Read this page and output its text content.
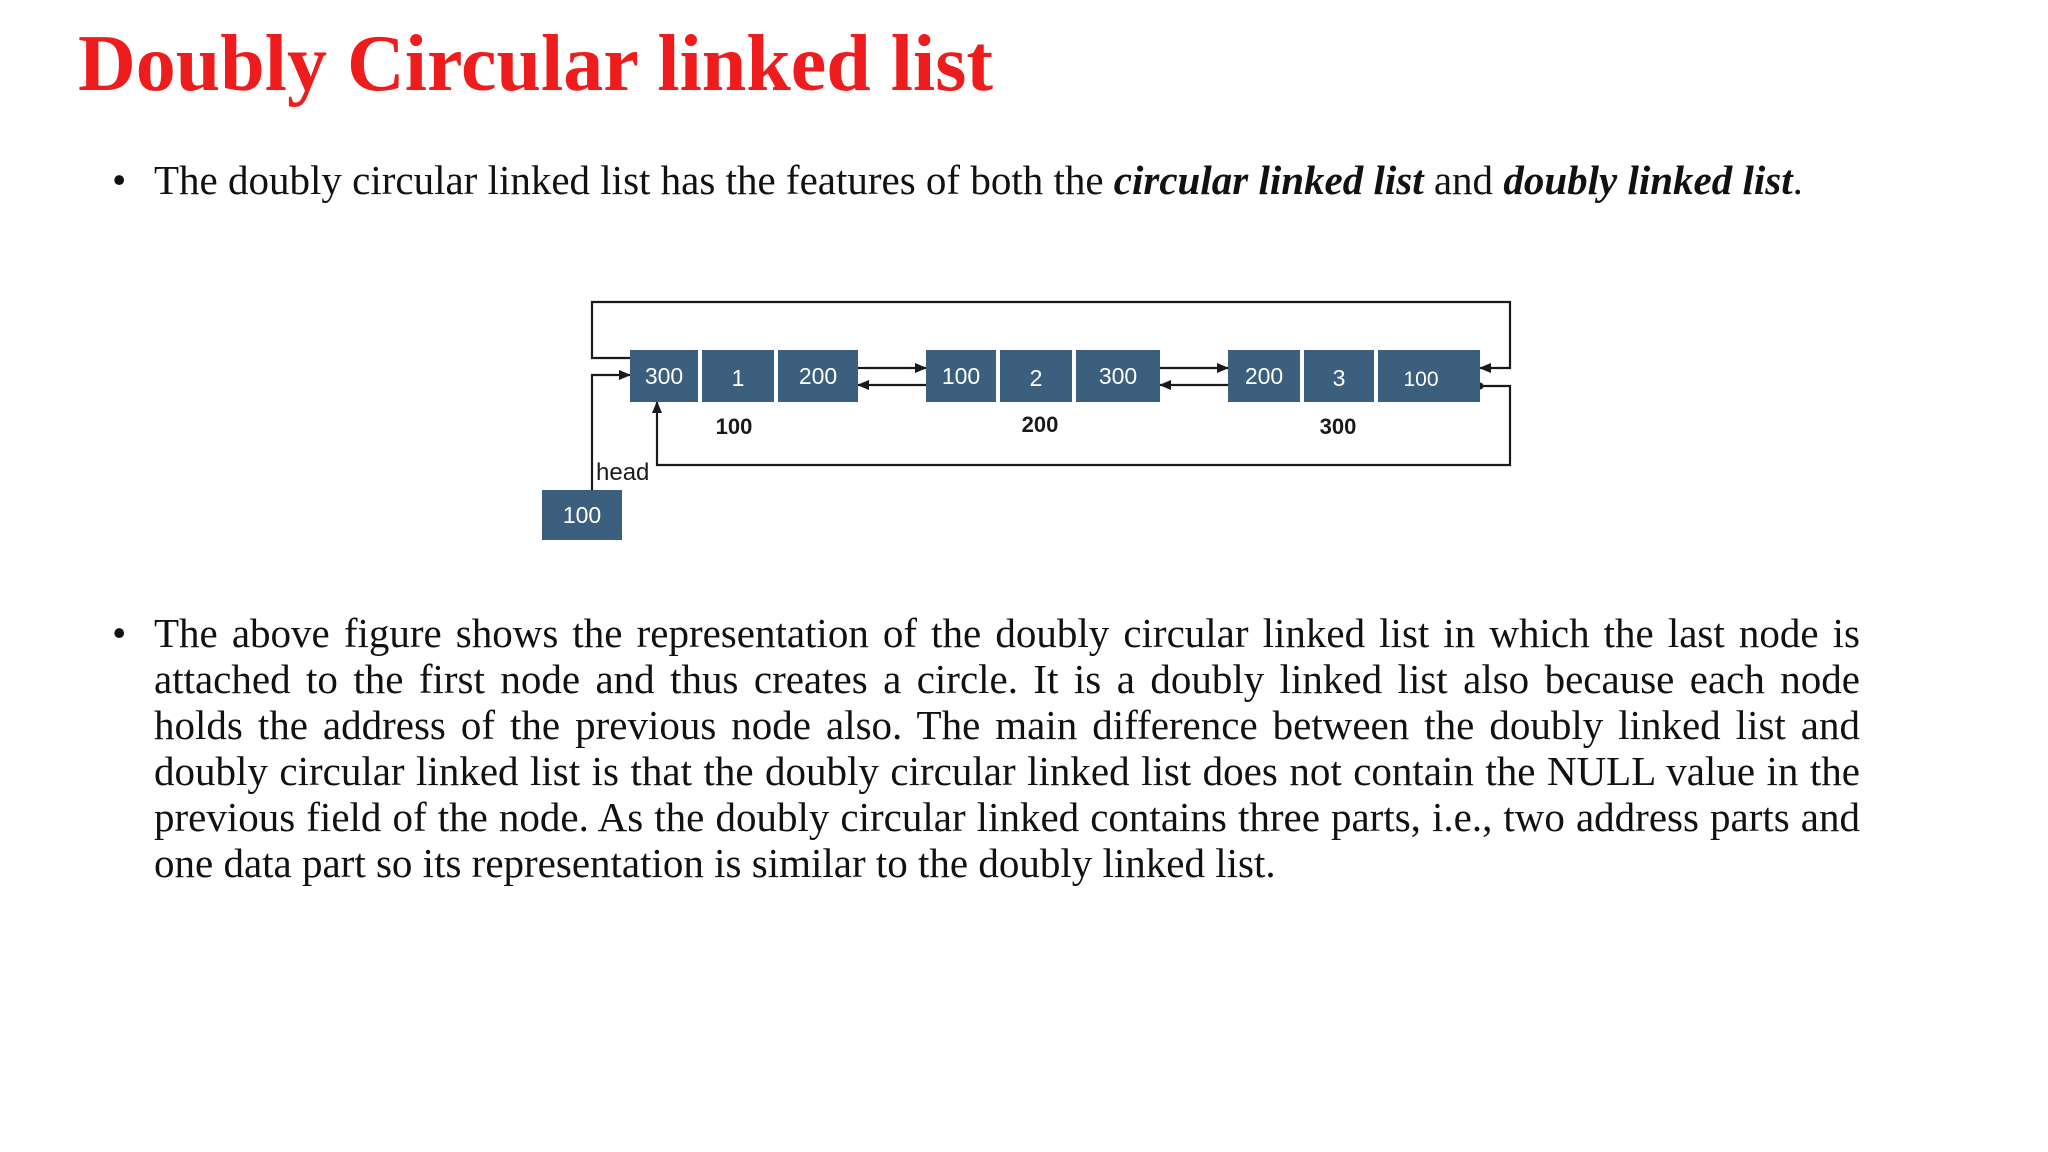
Doubly Circular linked list
• The doubly circular linked list has the features of both the circular linked list and doubly linked list.
300 1 200
100
100 2 300
200
200 3	100
300
head
100
• The above figure shows the representation of the doubly circular linked list in which the last node is attached to the first node and thus creates a circle. It is a doubly linked list also because each node holds the address of the previous node also. The main difference between the doubly linked list and doubly circular linked list is that the doubly circular linked list does not contain the NULL value in the previous field of the node. As the doubly circular linked contains three parts, i.e., two address parts and one data part so its representation is similar to the doubly linked list.
